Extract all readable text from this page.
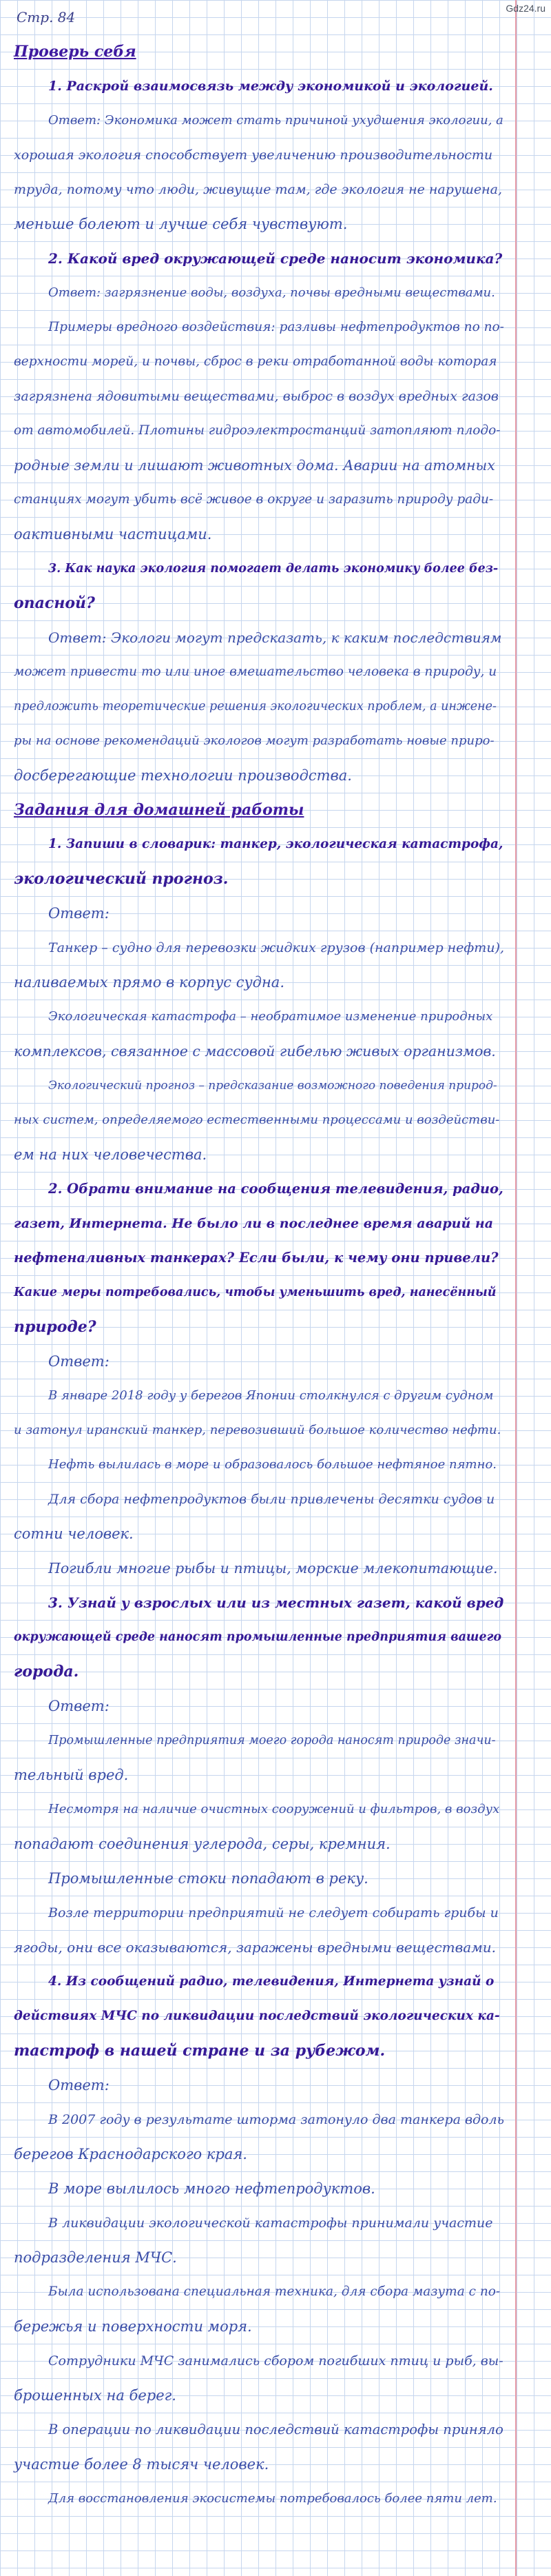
Gdz24.ru
Стр. 84
Проверь себя
1. Раскрой взаимосвязь между экономикой и экологией.
Ответ: Экономика может стать причиной ухудшения экологии, а
хорошая экология способствует увеличению производительности
труда, потому что люди, живущие там, где экология не нарушена,
меньше болеют и лучше себя чувствуют.
2. Какой вред окружающей среде наносит экономика?
Ответ: загрязнение воды, воздуха, почвы вредными веществами.
Примеры вредного воздействия: разливы нефтепродуктов по по-
верхности морей, и почвы, сброс в реки отработанной воды которая
загрязнена ядовитыми веществами, выброс в воздух вредных газов
от автомобилей. Плотины гидроэлектростанций затопляют плодо-
родные земли и лишают животных дома. Аварии на атомных
станциях могут убить всё живое в округе и заразить природу ради-
оактивными частицами.
3. Как наука экология помогает делать экономику более без-
опасной?
Ответ: Экологи могут предсказать, к каким последствиям
может привести то или иное вмешательство человека в природу, и
предложить теоретические решения экологических проблем, а инжене-
ры на основе рекомендаций экологов могут разработать новые приро-
досберегающие технологии производства.
Задания для домашней работы
1. Запиши в словарик: танкер, экологическая катастрофа,
экологический прогноз.
Ответ:
Танкер – судно для перевозки жидких грузов (например нефти),
наливаемых прямо в корпус судна.
Экологическая катастрофа – необратимое изменение природных
комплексов, связанное с массовой гибелью живых организмов.
Экологический прогноз – предсказание возможного поведения природ-
ных систем, определяемого естественными процессами и воздействи-
ем на них человечества.
2. Обрати внимание на сообщения телевидения, радио,
газет, Интернета. Не было ли в последнее время аварий на
нефтеналивных танкерах? Если были, к чему они привели?
Какие меры потребовались, чтобы уменьшить вред, нанесённый
природе?
Ответ:
В январе 2018 году у берегов Японии столкнулся с другим судном
и затонул иранский танкер, перевозивший большое количество нефти.
Нефть вылилась в море и образовалось большое нефтяное пятно.
Для сбора нефтепродуктов были привлечены десятки судов и
сотни человек.
Погибли многие рыбы и птицы, морские млекопитающие.
3. Узнай у взрослых или из местных газет, какой вред
окружающей среде наносят промышленные предприятия вашего
города.
Ответ:
Промышленные предприятия моего города наносят природе значи-
тельный вред.
Несмотря на наличие очистных сооружений и фильтров, в воздух
попадают соединения углерода, серы, кремния.
Промышленные стоки попадают в реку.
Возле территории предприятий не следует собирать грибы и
ягоды, они все оказываются, заражены вредными веществами.
4. Из сообщений радио, телевидения, Интернета узнай о
действиях МЧС по ликвидации последствий экологических ка-
тастроф в нашей стране и за рубежом.
Ответ:
В 2007 году в результате шторма затонуло два танкера вдоль
берегов Краснодарского края.
В море вылилось много нефтепродуктов.
В ликвидации экологической катастрофы принимали участие
подразделения МЧС.
Была использована специальная техника, для сбора мазута с по-
бережья и поверхности моря.
Сотрудники МЧС занимались сбором погибших птиц и рыб, вы-
брошенных на берег.
В операции по ликвидации последствий катастрофы приняло
участие более 8 тысяч человек.
Для восстановления экосистемы потребовалось более пяти лет.
